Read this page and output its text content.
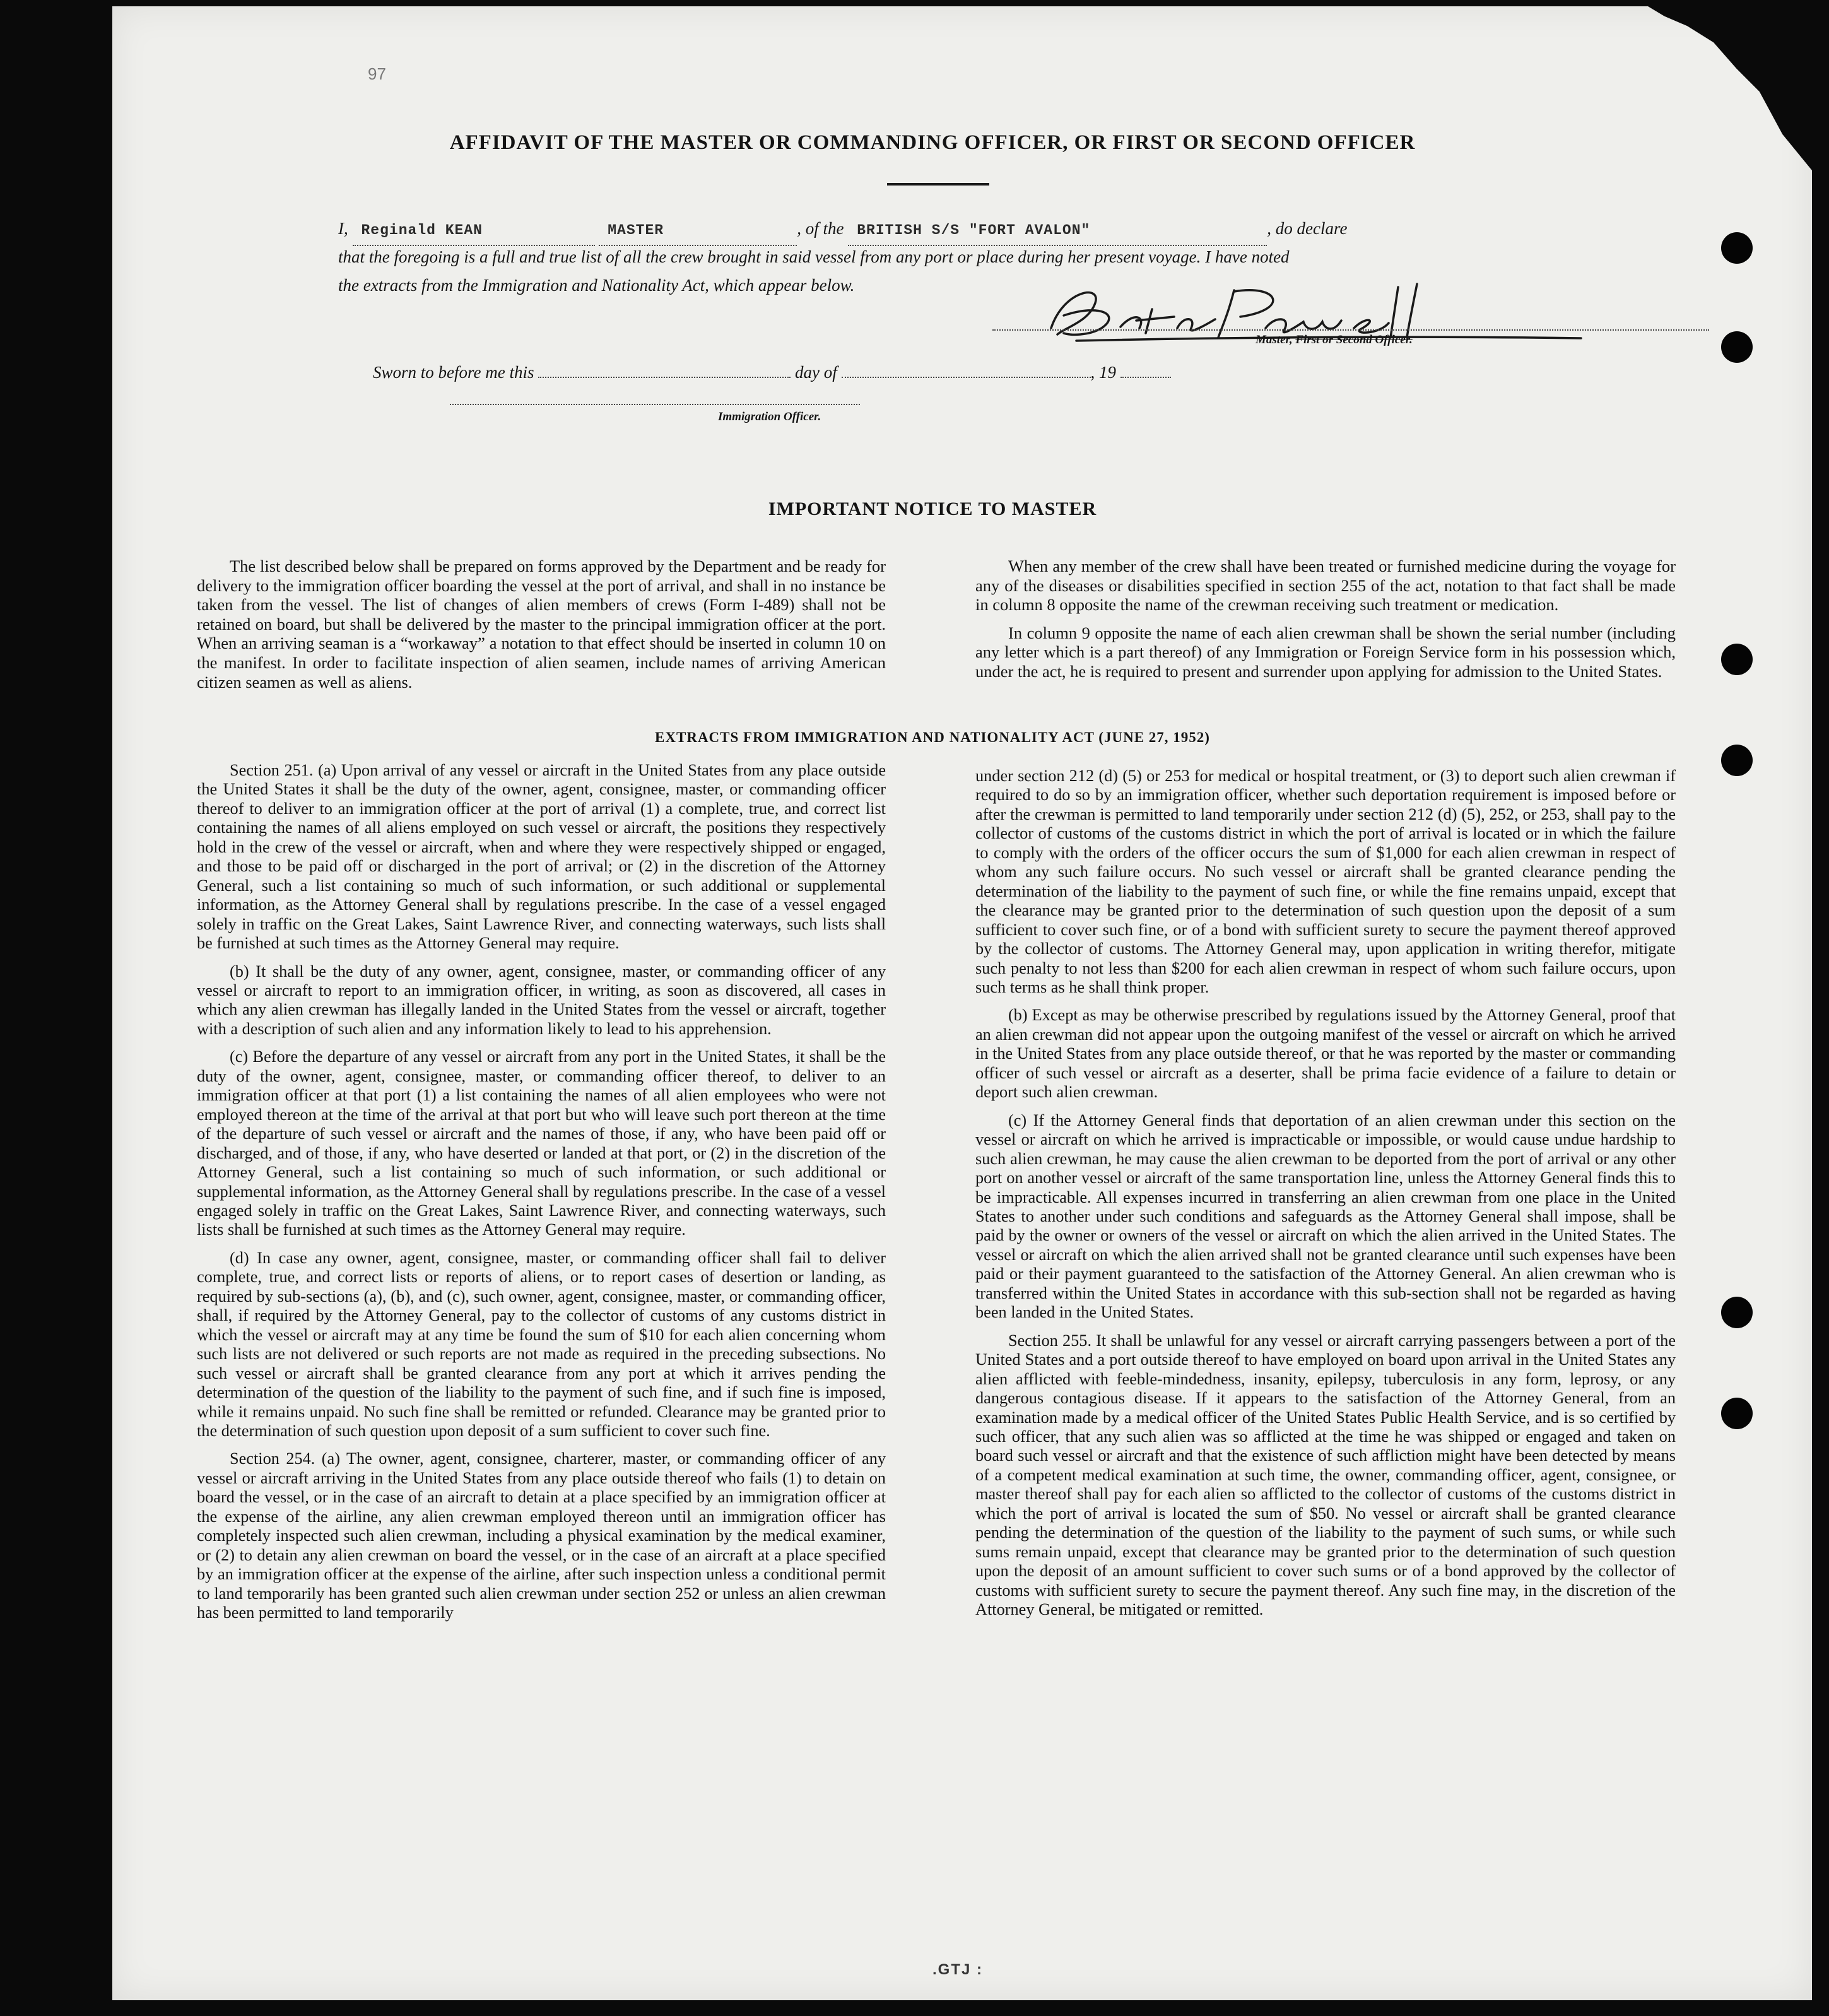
97
AFFIDAVIT OF THE MASTER OR COMMANDING OFFICER, OR FIRST OR SECOND OFFICER
I, Reginald KEAN	MASTER	, of the BRITISH S/S "FORT AVALON"	, do declare
that the foregoing is a full and true list of all the crew brought in said vessel from any port or place during her present voyage. I have noted
the extracts from the Immigration and Nationality Act, which appear below.
Master, First or Second Officer.
Sworn to before me this	day of	, 19
Immigration Officer.
IMPORTANT NOTICE TO MASTER

The list described below shall be prepared on forms approved by the Department and be ready for delivery to the immigration officer boarding the vessel at the port of arrival, and shall in no instance be taken from the vessel. The list of changes of alien members of crews (Form I-489) shall not be retained on board, but shall be delivered by the master to the principal immigration officer at the port. When an arriving seaman is a “workaway” a notation to that effect should be inserted in column 10 on the manifest. In order to facilitate inspection of alien seamen, include names of arriving American citizen seamen as well as aliens.

When any member of the crew shall have been treated or furnished medicine during the voyage for any of the diseases or disabilities specified in section 255 of the act, notation to that fact shall be made in column 8 opposite the name of the crewman receiving such treatment or medication.

In column 9 opposite the name of each alien crewman shall be shown the serial number (including any letter which is a part thereof) of any Immigration or Foreign Service form in his possession which, under the act, he is required to present and surrender upon applying for admission to the United States.

EXTRACTS FROM IMMIGRATION AND NATIONALITY ACT (JUNE 27, 1952)

Section 251. (a) Upon arrival of any vessel or aircraft in the United States from any place outside the United States it shall be the duty of the owner, agent, consignee, master, or commanding officer thereof to deliver to an immigration officer at the port of arrival (1) a complete, true, and correct list containing the names of all aliens employed on such vessel or aircraft, the positions they respectively hold in the crew of the vessel or aircraft, when and where they were respectively shipped or engaged, and those to be paid off or discharged in the port of arrival; or (2) in the discretion of the Attorney General, such a list containing so much of such information, or such additional or supplemental information, as the Attorney General shall by regulations prescribe. In the case of a vessel engaged solely in traffic on the Great Lakes, Saint Lawrence River, and connecting waterways, such lists shall be furnished at such times as the Attorney General may require.

(b) It shall be the duty of any owner, agent, consignee, master, or commanding officer of any vessel or aircraft to report to an immigration officer, in writing, as soon as discovered, all cases in which any alien crewman has illegally landed in the United States from the vessel or aircraft, together with a description of such alien and any information likely to lead to his apprehension.

(c) Before the departure of any vessel or aircraft from any port in the United States, it shall be the duty of the owner, agent, consignee, master, or commanding officer thereof, to deliver to an immigration officer at that port (1) a list containing the names of all alien employees who were not employed thereon at the time of the arrival at that port but who will leave such port thereon at the time of the departure of such vessel or aircraft and the names of those, if any, who have been paid off or discharged, and of those, if any, who have deserted or landed at that port, or (2) in the discretion of the Attorney General, such a list containing so much of such information, or such additional or supplemental information, as the Attorney General shall by regulations prescribe. In the case of a vessel engaged solely in traffic on the Great Lakes, Saint Lawrence River, and connecting waterways, such lists shall be furnished at such times as the Attorney General may require.

(d) In case any owner, agent, consignee, master, or commanding officer shall fail to deliver complete, true, and correct lists or reports of aliens, or to report cases of desertion or landing, as required by sub-sections (a), (b), and (c), such owner, agent, consignee, master, or commanding officer, shall, if required by the Attorney General, pay to the collector of customs of any customs district in which the vessel or aircraft may at any time be found the sum of $10 for each alien concerning whom such lists are not delivered or such reports are not made as required in the preceding subsections. No such vessel or aircraft shall be granted clearance from any port at which it arrives pending the determination of the question of the liability to the payment of such fine, and if such fine is imposed, while it remains unpaid. No such fine shall be remitted or refunded. Clearance may be granted prior to the determination of such question upon deposit of a sum sufficient to cover such fine.

Section 254. (a) The owner, agent, consignee, charterer, master, or commanding officer of any vessel or aircraft arriving in the United States from any place outside thereof who fails (1) to detain on board the vessel, or in the case of an aircraft to detain at a place specified by an immigration officer at the expense of the airline, any alien crewman employed thereon until an immigration officer has completely inspected such alien crewman, including a physical examination by the medical examiner, or (2) to detain any alien crewman on board the vessel, or in the case of an aircraft at a place specified by an immigration officer at the expense of the airline, after such inspection unless a conditional permit to land temporarily has been granted such alien crewman under section 252 or unless an alien crewman has been permitted to land temporarily

under section 212 (d) (5) or 253 for medical or hospital treatment, or (3) to deport such alien crewman if required to do so by an immigration officer, whether such deportation requirement is imposed before or after the crewman is permitted to land temporarily under section 212 (d) (5), 252, or 253, shall pay to the collector of customs of the customs district in which the port of arrival is located or in which the failure to comply with the orders of the officer occurs the sum of $1,000 for each alien crewman in respect of whom any such failure occurs. No such vessel or aircraft shall be granted clearance pending the determination of the liability to the payment of such fine, or while the fine remains unpaid, except that the clearance may be granted prior to the determination of such question upon the deposit of a sum sufficient to cover such fine, or of a bond with sufficient surety to secure the payment thereof approved by the collector of customs. The Attorney General may, upon application in writing therefor, mitigate such penalty to not less than $200 for each alien crewman in respect of whom such failure occurs, upon such terms as he shall think proper.

(b) Except as may be otherwise prescribed by regulations issued by the Attorney General, proof that an alien crewman did not appear upon the outgoing manifest of the vessel or aircraft on which he arrived in the United States from any place outside thereof, or that he was reported by the master or commanding officer of such vessel or aircraft as a deserter, shall be prima facie evidence of a failure to detain or deport such alien crewman.

(c) If the Attorney General finds that deportation of an alien crewman under this section on the vessel or aircraft on which he arrived is impracticable or impossible, or would cause undue hardship to such alien crewman, he may cause the alien crewman to be deported from the port of arrival or any other port on another vessel or aircraft of the same transportation line, unless the Attorney General finds this to be impracticable. All expenses incurred in transferring an alien crewman from one place in the United States to another under such conditions and safeguards as the Attorney General shall impose, shall be paid by the owner or owners of the vessel or aircraft on which the alien arrived in the United States. The vessel or aircraft on which the alien arrived shall not be granted clearance until such expenses have been paid or their payment guaranteed to the satisfaction of the Attorney General. An alien crewman who is transferred within the United States in accordance with this sub-section shall not be regarded as having been landed in the United States.

Section 255. It shall be unlawful for any vessel or aircraft carrying passengers between a port of the United States and a port outside thereof to have employed on board upon arrival in the United States any alien afflicted with feeble-mindedness, insanity, epilepsy, tuberculosis in any form, leprosy, or any dangerous contagious disease. If it appears to the satisfaction of the Attorney General, from an examination made by a medical officer of the United States Public Health Service, and is so certified by such officer, that any such alien was so afflicted at the time he was shipped or engaged and taken on board such vessel or aircraft and that the existence of such affliction might have been detected by means of a competent medical examination at such time, the owner, commanding officer, agent, consignee, or master thereof shall pay for each alien so afflicted to the collector of customs of the customs district in which the port of arrival is located the sum of $50. No vessel or aircraft shall be granted clearance pending the determination of the question of the liability to the payment of such sums, or while such sums remain unpaid, except that clearance may be granted prior to the determination of such question upon the deposit of an amount sufficient to cover such sums or of a bond approved by the collector of customs with sufficient surety to secure the payment thereof. Any such fine may, in the discretion of the Attorney General, be mitigated or remitted.

.GTJ :
